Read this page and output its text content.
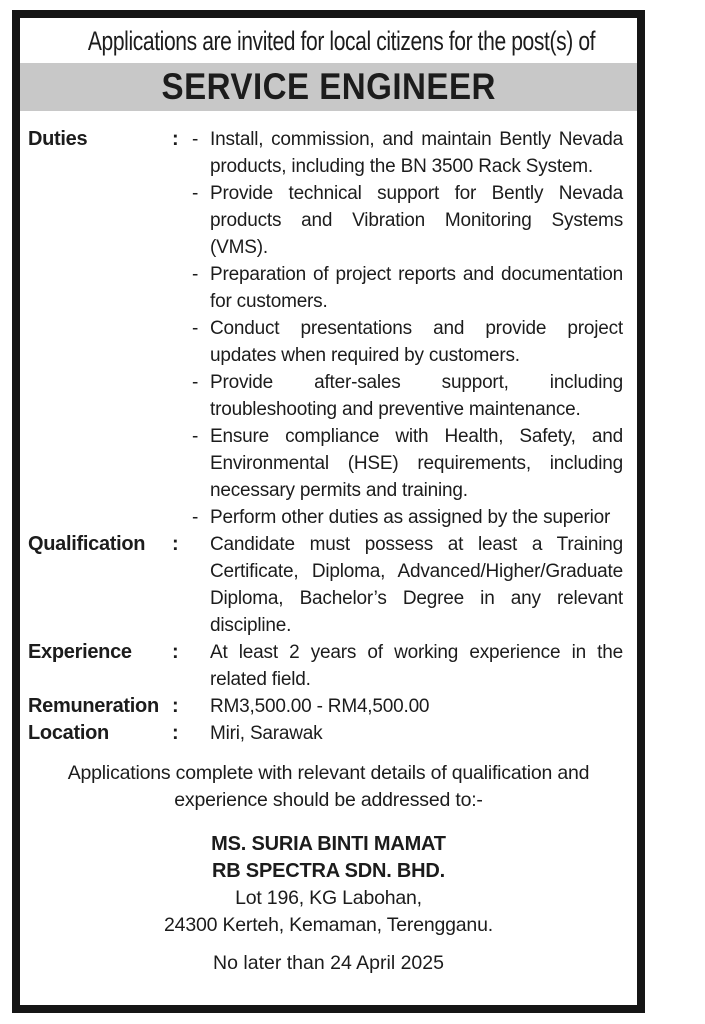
Applications are invited for local citizens for the post(s) of
SERVICE ENGINEER
Duties	: - Install, commission, and maintain Bently Nevada products, including the BN 3500 Rack System.
- Provide technical support for Bently Nevada products and Vibration Monitoring Systems (VMS).
- Preparation of project reports and documentation for customers.
- Conduct presentations and provide project updates when required by customers.
- Provide after-sales support, including troubleshooting and preventive maintenance.
- Ensure compliance with Health, Safety, and Environmental (HSE) requirements, including necessary permits and training.
- Perform other duties as assigned by the superior
Qualification	:	Candidate must possess at least a Training Certificate, Diploma, Advanced/Higher/Graduate Diploma, Bachelor’s Degree in any relevant discipline.
Experience	:	At least 2 years of working experience in the related field.
Remuneration :	RM3,500.00 - RM4,500.00
Location	:	Miri, Sarawak
Applications complete with relevant details of qualification and experience should be addressed to:-
MS. SURIA BINTI MAMAT
RB SPECTRA SDN. BHD.
Lot 196, KG Labohan,
24300 Kerteh, Kemaman, Terengganu.
No later than 24 April 2025
